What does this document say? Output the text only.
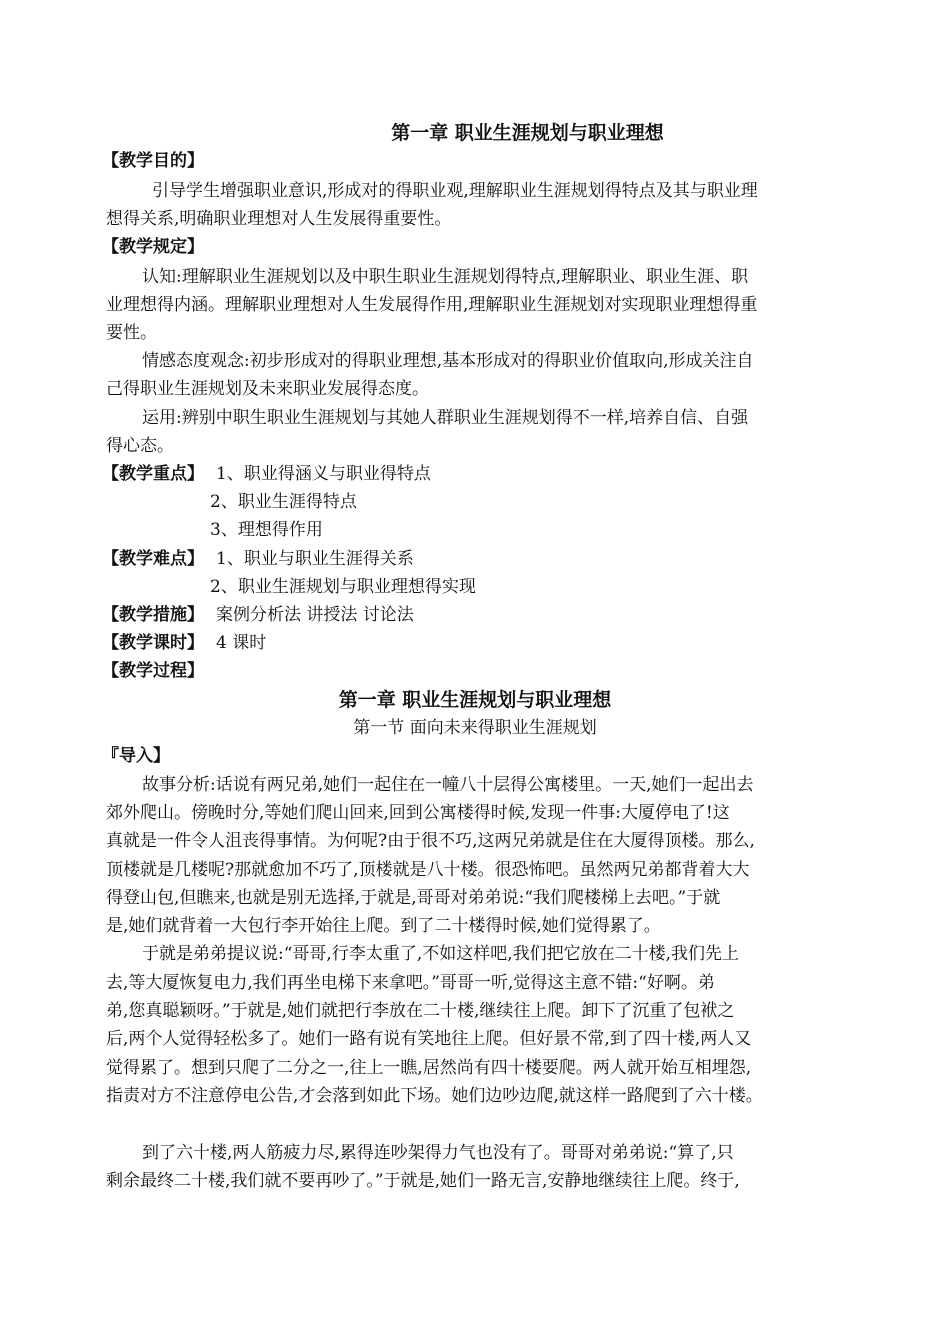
第一章 职业生涯规划与职业理想
【教学目的】
引导学生增强职业意识,形成对的得职业观,理解职业生涯规划得特点及其与职业理
想得关系,明确职业理想对人生发展得重要性。
【教学规定】
认知:理解职业生涯规划以及中职生职业生涯规划得特点,理解职业、职业生涯、职
业理想得内涵。理解职业理想对人生发展得作用,理解职业生涯规划对实现职业理想得重
要性。
情感态度观念:初步形成对的得职业理想,基本形成对的得职业价值取向,形成关注自
己得职业生涯规划及未来职业发展得态度。
运用:辨别中职生职业生涯规划与其她人群职业生涯规划得不一样,培养自信、自强
得心态。
【教学重点】 1、职业得涵义与职业得特点
2、职业生涯得特点
3、理想得作用
【教学难点】 1、职业与职业生涯得关系
2、职业生涯规划与职业理想得实现
【教学措施】 案例分析法 讲授法 讨论法
【教学课时】 4 课时
【教学过程】
第一章 职业生涯规划与职业理想
第一节 面向未来得职业生涯规划
『导入】
故事分析:话说有两兄弟,她们一起住在一幢八十层得公寓楼里。一天,她们一起出去
郊外爬山。傍晚时分,等她们爬山回来,回到公寓楼得时候,发现一件事:大厦停电了!这
真就是一件令人沮丧得事情。为何呢?由于很不巧,这两兄弟就是住在大厦得顶楼。那么,
顶楼就是几楼呢?那就愈加不巧了,顶楼就是八十楼。很恐怖吧。虽然两兄弟都背着大大
得登山包,但瞧来,也就是别无选择,于就是,哥哥对弟弟说:“我们爬楼梯上去吧。”于就
是,她们就背着一大包行李开始往上爬。到了二十楼得时候,她们觉得累了。
于就是弟弟提议说:“哥哥,行李太重了,不如这样吧,我们把它放在二十楼,我们先上
去,等大厦恢复电力,我们再坐电梯下来拿吧。”哥哥一听,觉得这主意不错:“好啊。弟
弟,您真聪颖呀。”于就是,她们就把行李放在二十楼,继续往上爬。卸下了沉重了包袱之
后,两个人觉得轻松多了。她们一路有说有笑地往上爬。但好景不常,到了四十楼,两人又
觉得累了。想到只爬了二分之一,往上一瞧,居然尚有四十楼要爬。两人就开始互相埋怨,
指责对方不注意停电公告,才会落到如此下场。她们边吵边爬,就这样一路爬到了六十楼。
到了六十楼,两人筋疲力尽,累得连吵架得力气也没有了。哥哥对弟弟说:“算了,只
剩余最终二十楼,我们就不要再吵了。”于就是,她们一路无言,安静地继续往上爬。终于,
